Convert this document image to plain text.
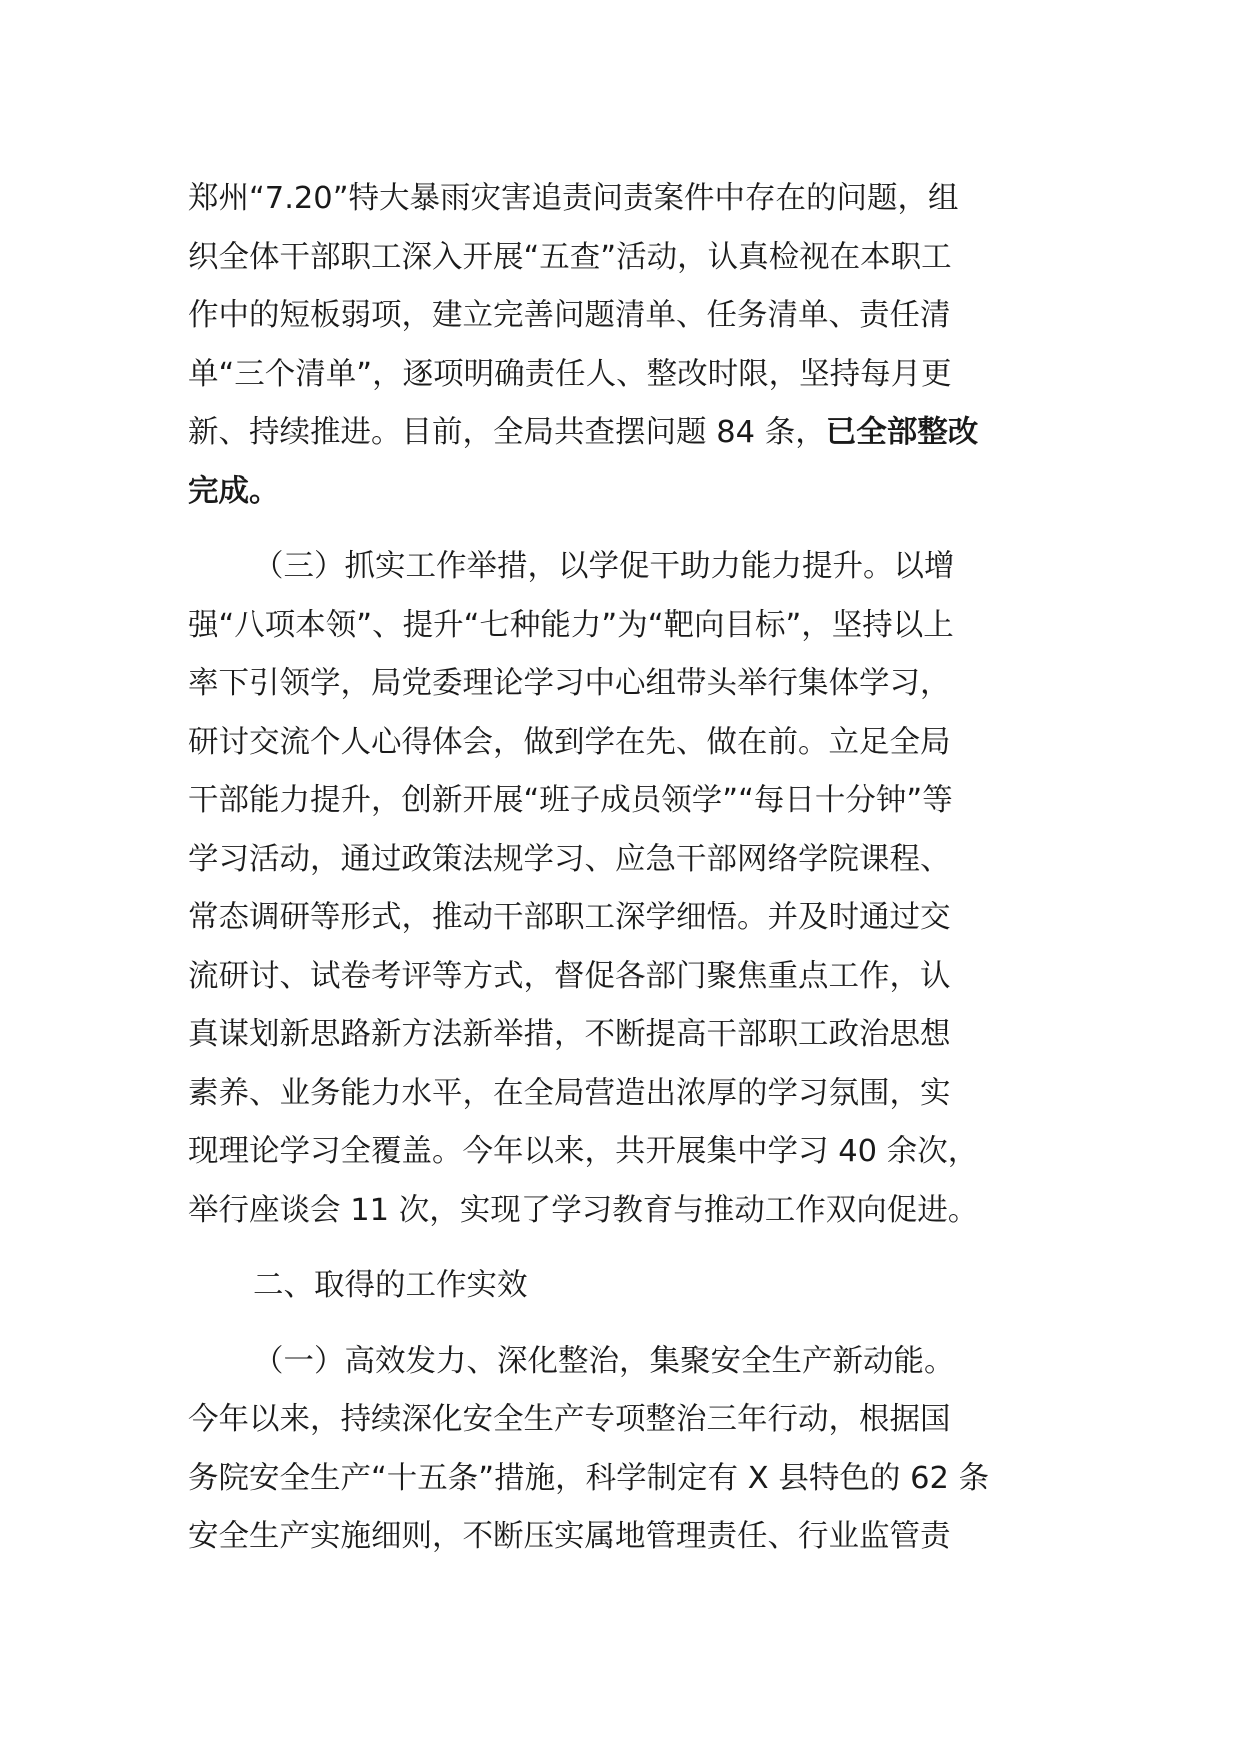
郑州“7.20”特大暴雨灾害追责问责案件中存在的问题，组
织全体干部职工深入开展“五查”活动，认真检视在本职工
作中的短板弱项，建立完善问题清单、任务清单、责任清
单“三个清单”，逐项明确责任人、整改时限，坚持每月更
新、持续推进。目前，全局共查摆问题 84 条，已全部整改
完成。

（三）抓实工作举措，以学促干助力能力提升。以增
强“八项本领”、提升“七种能力”为“靶向目标”，坚持以上
率下引领学，局党委理论学习中心组带头举行集体学习，
研讨交流个人心得体会，做到学在先、做在前。立足全局
干部能力提升，创新开展“班子成员领学”“每日十分钟”等
学习活动，通过政策法规学习、应急干部网络学院课程、
常态调研等形式，推动干部职工深学细悟。并及时通过交
流研讨、试卷考评等方式，督促各部门聚焦重点工作，认
真谋划新思路新方法新举措，不断提高干部职工政治思想
素养、业务能力水平，在全局营造出浓厚的学习氛围，实
现理论学习全覆盖。今年以来，共开展集中学习 40 余次，
举行座谈会 11 次，实现了学习教育与推动工作双向促进。

二、取得的工作实效

（一）高效发力、深化整治，集聚安全生产新动能。
今年以来，持续深化安全生产专项整治三年行动，根据国
务院安全生产“十五条”措施，科学制定有 X 县特色的 62 条
安全生产实施细则，不断压实属地管理责任、行业监管责
